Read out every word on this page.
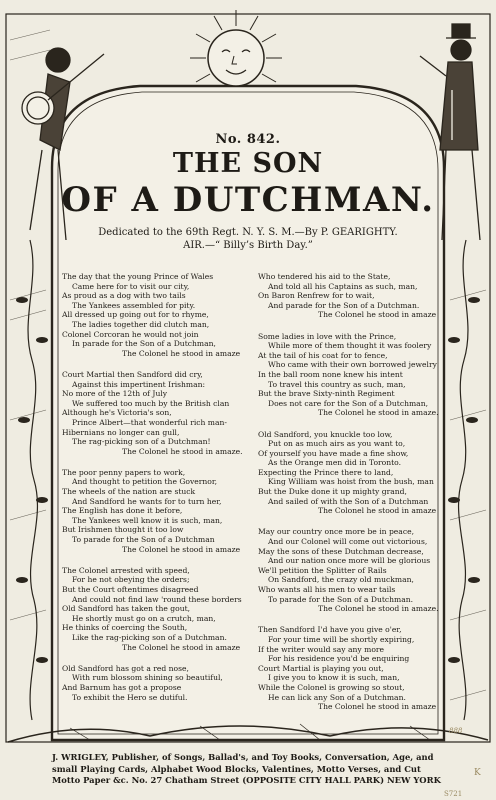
No. 842.
THE SON
OF A DUTCHMAN.
Dedicated to the 69th Regt. N. Y. S. M.—By P. GEARIGHTY.
AIR.—“ Billy’s Birth Day.”
The day that the young Prince of Wales
Came here for to visit our city,
As proud as a dog with two tails
The Yankees assembled for pity.
All dressed up going out for to rhyme,
The ladies together did clutch man,
Colonel Corcoran he would not join
In parade for the Son of a Dutchman,
The Colonel he stood in amaze
Court Martial then Sandford did cry,
Against this impertinent Irishman:
No more of the 12th of July
We suffered too much by the British clan
Although he's Victoria's son,
Prince Albert—that wonderful rich man-
Hibernians no longer can gull,
The rag-picking son of a Dutchman!
The Colonel he stood in amaze.
The poor penny papers to work,
And thought to petition the Governor,
The wheels of the nation are stuck
And Sandford he wants for to turn her,
The English has done it before,
The Yankees well know it is such, man,
But Irishmen thought it too low
To parade for the Son of a Dutchman
The Colonel he stood in amaze
The Colonel arrested with speed,
For he not obeying the orders;
But the Court oftentimes disagreed
And could not find law 'round these borders
Old Sandford has taken the gout,
He shortly must go on a crutch, man,
He thinks of coercing the South,
Like the rag-picking son of a Dutchman.
The Colonel he stood in amaze
Old Sandford has got a red nose,
With rum blossom shining so beautiful,
And Barnum has got a propose
To exhibit the Hero se dutiful.
Who tendered his aid to the State,
And told all his Captains as such, man,
On Baron Renfrew for to wait,
And parade for the Son of a Dutchman.
The Colonel he stood in amaze
Some ladies in love with the Prince,
While more of them thought it was foolery
At the tail of his coat for to fence,
Who came with their own borrowed jewelry
In the ball room none knew his intent
To travel this country as such, man,
But the brave Sixty-ninth Regiment
Does not care for the Son of a Dutchman,
The Colonel he stood in amaze.
Old Sandford, you knuckle too low,
Put on as much airs as you want to,
Of yourself you have made a fine show,
As the Orange men did in Toronto.
Expecting the Prince there to land,
King William was hoist from the bush, man
But the Duke done it up mighty grand,
And sailed of with the Son of a Dutchman
The Colonel he stood in amaze
May our country once more be in peace,
And our Colonel will come out victorious,
May the sons of these Dutchman decrease,
And our nation once more will be glorious
We'll petition the Splitter of Rails
On Sandford, the crazy old muckman,
Who wants all his men to wear tails
To parade for the Son of a Dutchman.
The Colonel he stood in amaze.
Then Sandford I'd have you give o'er,
For your time will be shortly expiring,
If the writer would say any more
For his residence you'd be enquiring
Court Martial is playing you out,
I give you to know it is such, man,
While the Colonel is growing so stout,
He can lick any Son of a Dutchman.
The Colonel he stood in amaze
J. WRIGLEY, Publisher, of Songs, Ballad's, and Toy Books, Conversation, Age, and
small Playing Cards, Alphabet Wood Blocks, Valentines, Motto Verses, and Cut
Motto Paper &c. No. 27 Chatham Street (OPPOSITE CITY HALL PARK) NEW YORK
888
K
S721
